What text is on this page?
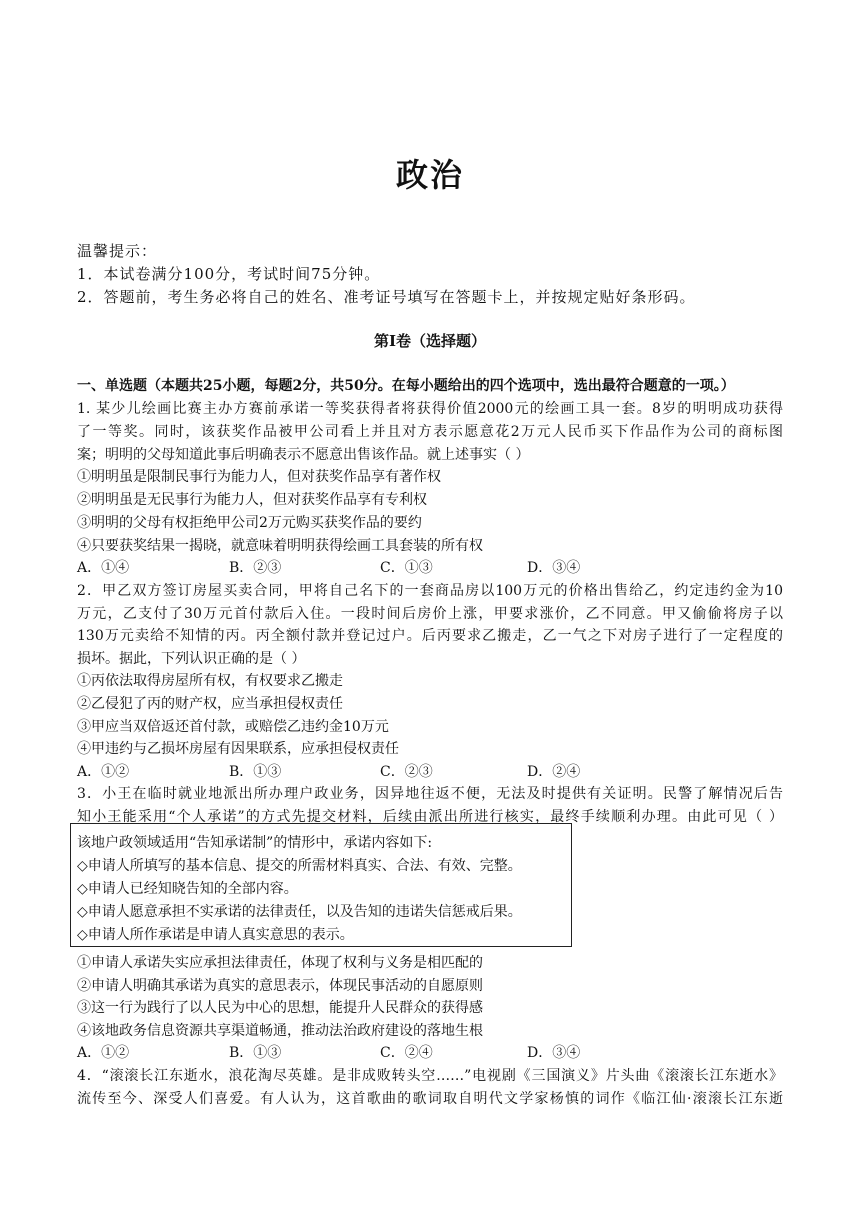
政治
温馨提示：
1．本试卷满分100分，考试时间75分钟。
2．答题前，考生务必将自己的姓名、准考证号填写在答题卡上，并按规定贴好条形码。
第Ⅰ卷（选择题）
一、单选题（本题共25小题，每题2分，共50分。在每小题给出的四个选项中，选出最符合题意的一项。）
1. 某少儿绘画比赛主办方赛前承诺一等奖获得者将获得价值2000元的绘画工具一套。8岁的明明成功获得
了一等奖。同时，该获奖作品被甲公司看上并且对方表示愿意花2万元人民币买下作品作为公司的商标图
案；明明的父母知道此事后明确表示不愿意出售该作品。就上述事实（ ）
①明明虽是限制民事行为能力人，但对获奖作品享有著作权
②明明虽是无民事行为能力人，但对获奖作品享有专利权
③明明的父母有权拒绝甲公司2万元购买获奖作品的要约
④只要获奖结果一揭晓，就意味着明明获得绘画工具套装的所有权
A．①④	B．②③	C．①③	D．③④
2．甲乙双方签订房屋买卖合同，甲将自己名下的一套商品房以100万元的价格出售给乙，约定违约金为10
万元，乙支付了30万元首付款后入住。一段时间后房价上涨，甲要求涨价，乙不同意。甲又偷偷将房子以
130万元卖给不知情的丙。丙全额付款并登记过户。后丙要求乙搬走，乙一气之下对房子进行了一定程度的
损坏。据此，下列认识正确的是（ ）
①丙依法取得房屋所有权，有权要求乙搬走
②乙侵犯了丙的财产权，应当承担侵权责任
③甲应当双倍返还首付款，或赔偿乙违约金10万元
④甲违约与乙损坏房屋有因果联系，应承担侵权责任
A．①②	B．①③	C．②③	D．②④
3．小王在临时就业地派出所办理户政业务，因异地往返不便，无法及时提供有关证明。民警了解情况后告
知小王能采用“个人承诺”的方式先提交材料，后续由派出所进行核实，最终手续顺利办理。由此可见（ ）
该地户政领域适用“告知承诺制”的情形中，承诺内容如下:
◇申请人所填写的基本信息、提交的所需材料真实、合法、有效、完整。
◇申请人已经知晓告知的全部内容。
◇申请人愿意承担不实承诺的法律责任，以及告知的违诺失信惩戒后果。
◇申请人所作承诺是申请人真实意思的表示。
①申请人承诺失实应承担法律责任，体现了权利与义务是相匹配的
②申请人明确其承诺为真实的意思表示，体现民事活动的自愿原则
③这一行为践行了以人民为中心的思想，能提升人民群众的获得感
④该地政务信息资源共享渠道畅通，推动法治政府建设的落地生根
A．①②	B．①③	C．②④	D．③④
4．“滚滚长江东逝水，浪花淘尽英雄。是非成败转头空……”电视剧《三国演义》片头曲《滚滚长江东逝水》
流传至今、深受人们喜爱。有人认为，这首歌曲的歌词取自明代文学家杨慎的词作《临江仙·滚滚长江东逝
